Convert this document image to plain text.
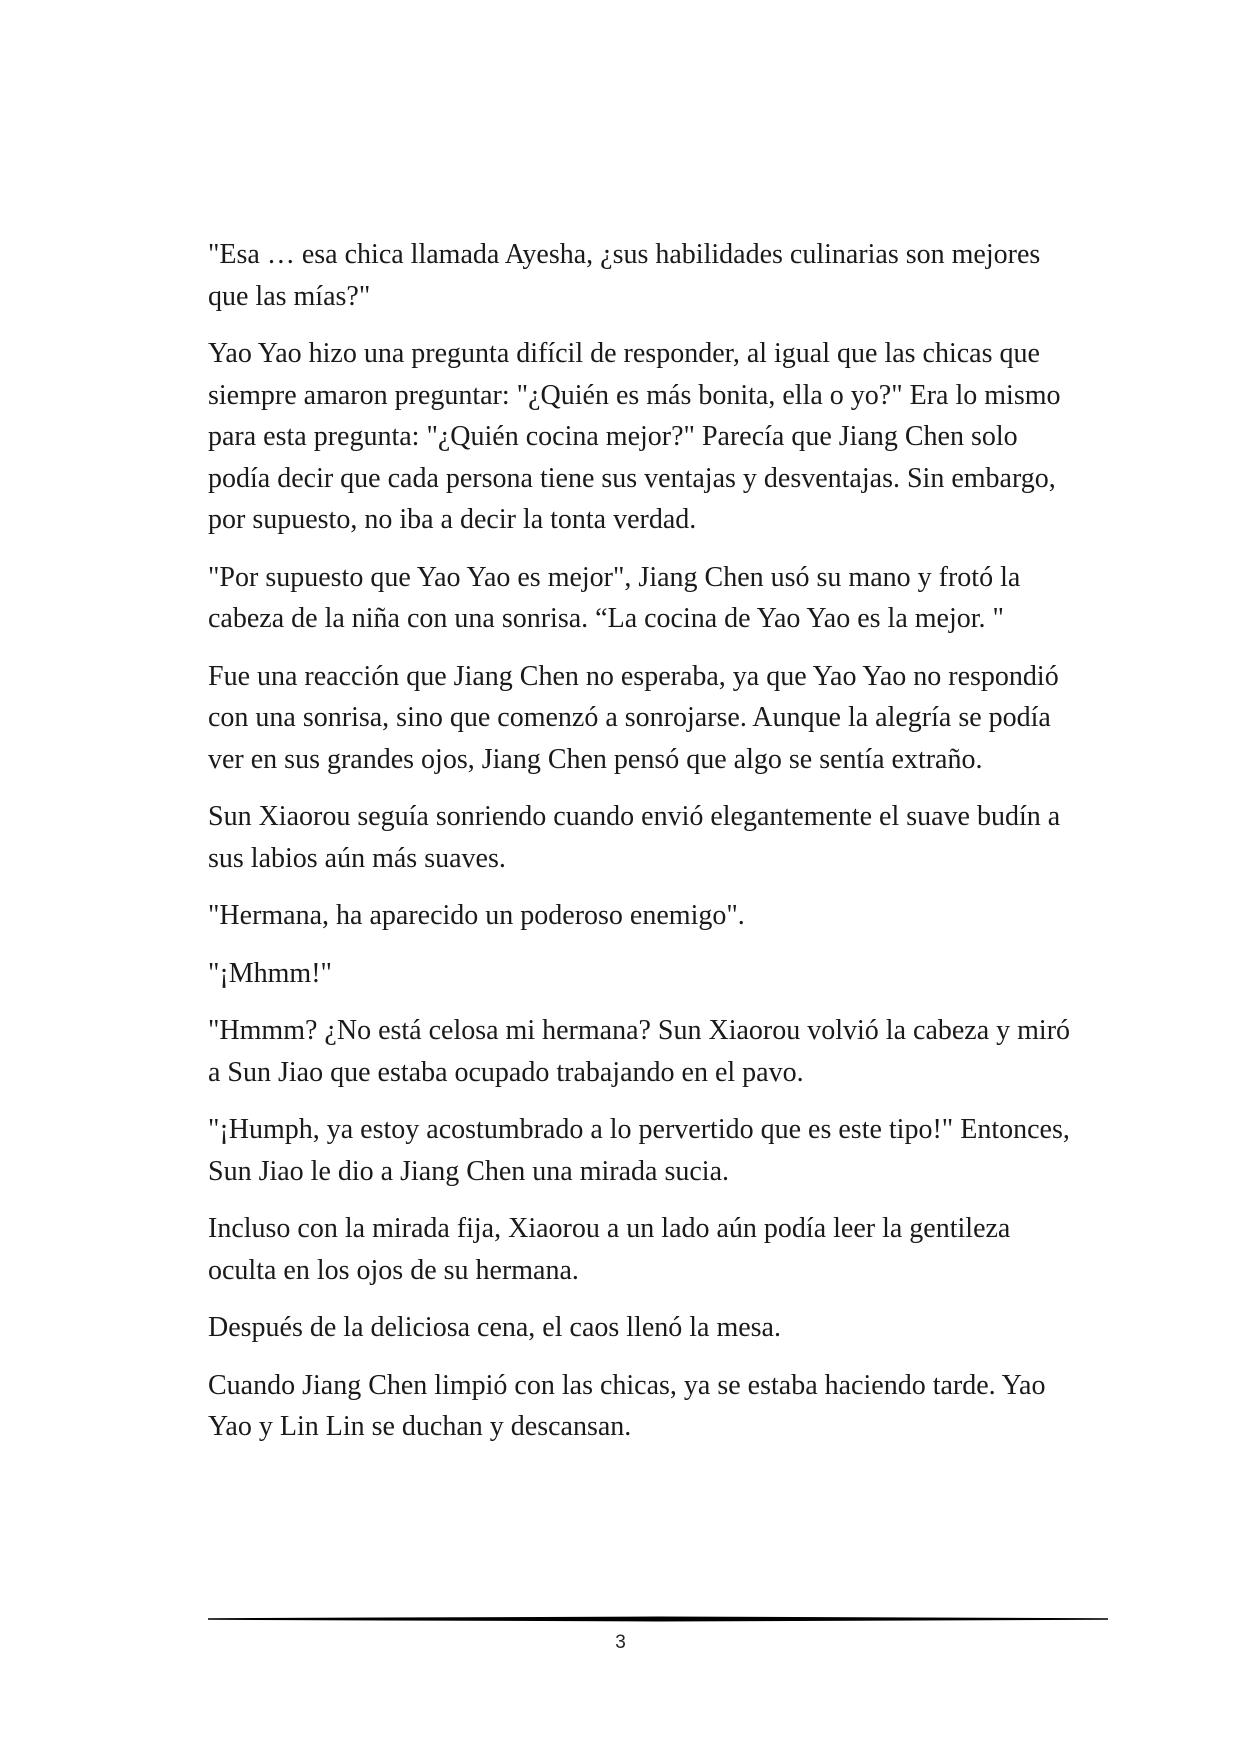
"Esa … esa chica llamada Ayesha, ¿sus habilidades culinarias son mejores que las mías?"

Yao Yao hizo una pregunta difícil de responder, al igual que las chicas que siempre amaron preguntar: "¿Quién es más bonita, ella o yo?" Era lo mismo para esta pregunta: "¿Quién cocina mejor?" Parecía que Jiang Chen solo podía decir que cada persona tiene sus ventajas y desventajas. Sin embargo, por supuesto, no iba a decir la tonta verdad.

"Por supuesto que Yao Yao es mejor", Jiang Chen usó su mano y frotó la cabeza de la niña con una sonrisa. “La cocina de Yao Yao es la mejor. "

Fue una reacción que Jiang Chen no esperaba, ya que Yao Yao no respondió con una sonrisa, sino que comenzó a sonrojarse. Aunque la alegría se podía ver en sus grandes ojos, Jiang Chen pensó que algo se sentía extraño.

Sun Xiaorou seguía sonriendo cuando envió elegantemente el suave budín a sus labios aún más suaves.

"Hermana, ha aparecido un poderoso enemigo".

"¡Mhmm!"

"Hmmm? ¿No está celosa mi hermana? Sun Xiaorou volvió la cabeza y miró a Sun Jiao que estaba ocupado trabajando en el pavo.

"¡Humph, ya estoy acostumbrado a lo pervertido que es este tipo!" Entonces, Sun Jiao le dio a Jiang Chen una mirada sucia.

Incluso con la mirada fija, Xiaorou a un lado aún podía leer la gentileza oculta en los ojos de su hermana.

Después de la deliciosa cena, el caos llenó la mesa.

Cuando Jiang Chen limpió con las chicas, ya se estaba haciendo tarde. Yao Yao y Lin Lin se duchan y descansan.

3
